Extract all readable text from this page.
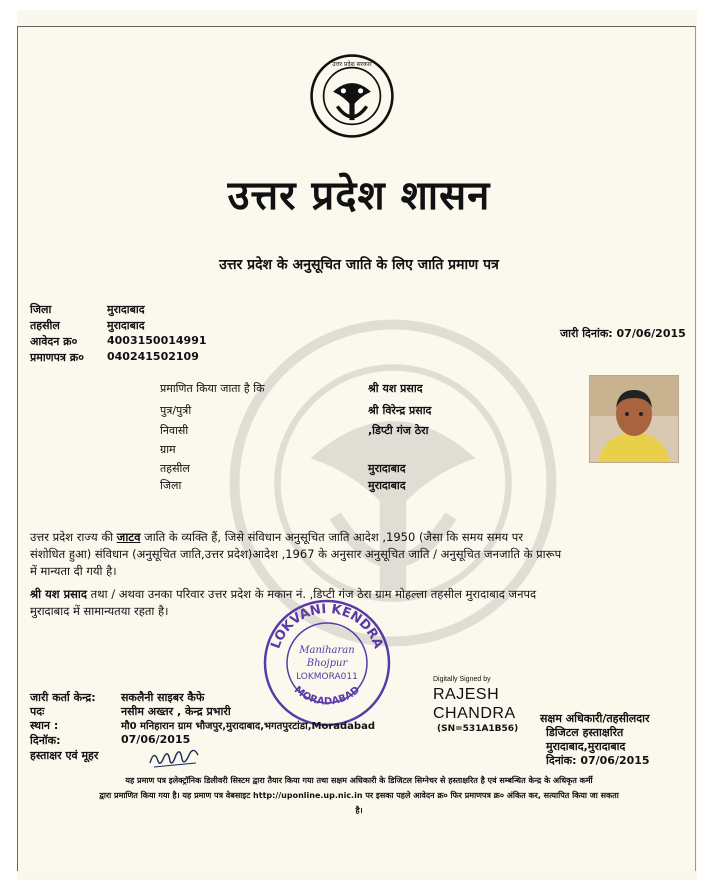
उत्तर प्रदेश सरकार
उत्तर प्रदेश शासन
उत्तर प्रदेश के अनुसूचित जाति के लिए जाति प्रमाण पत्र
जिला	मुरादाबाद
तहसील	मुरादाबाद
आवेदन क्र०	4003150014991
प्रमाणपत्र क्र० 040241502109
जारी दिनांक: 07/06/2015
प्रमाणित किया जाता है कि	श्री यश प्रसाद
पुत्र/पुत्री	श्री विरेन्द्र प्रसाद
निवासी	,डिप्टी गंज ठेरा
ग्राम
तहसील	मुरादाबाद
जिला	मुरादाबाद
उत्तर प्रदेश राज्य की जाटव जाति के व्यक्ति हैं, जिसे संविधान अनुसूचित जाति आदेश ,1950 (जैसा कि समय समय पर
संशोधित हुआ) संविधान (अनुसूचित जाति,उत्तर प्रदेश)आदेश ,1967 के अनुसार अनुसूचित जाति / अनुसूचित जनजाति के प्रारूप
में मान्यता दी गयी है।
श्री यश प्रसाद तथा / अथवा उनका परिवार उत्तर प्रदेश के मकान नं. ,डिप्टी गंज ठेरा ग्राम मोहल्ला तहसील मुरादाबाद जनपद
मुरादाबाद में सामान्यतया रहता है।
LOKVANI KENDRA
MORADABAD
Maniharan
Bhojpur
LOKMORA011
जारी कर्ता केन्द्र: सकलैनी साइबर कैफे
पदः	नसीम अख्तर , केन्द्र प्रभारी
स्थान :	मौ0 मनिहारान ग्राम भौजपुर,मुरादाबाद,भगतपुरटांडा,Moradabad
दिनॉक:	07/06/2015
हस्ताक्षर एवं मूहर
Digitally Signed by
RAJESH
CHANDRA
(SN=531A1B56)
सक्षम अधिकारी/तहसीलदार
डिजिटल हस्ताक्षरित
मुरादाबाद,मुरादाबाद
दिनांक: 07/06/2015
यह प्रमाण पत्र इलेक्ट्रॉनिक डिलीवरी सिस्टम द्वारा तैयार किया गया तथा सक्षम अधिकारी के डिजिटल सिग्नेचर से हस्ताक्षरित है एवं सम्बन्धित केन्द्र के अधिकृत कर्मी
द्वारा प्रमाणित किया गया है। यह प्रमाण पत्र वेबसाइट http://uponline.up.nic.in पर इसका पहले आवेदन क्र० फिर प्रमाणपत्र क्र० अंकित कर, सत्यापित किया जा सकता
है।
